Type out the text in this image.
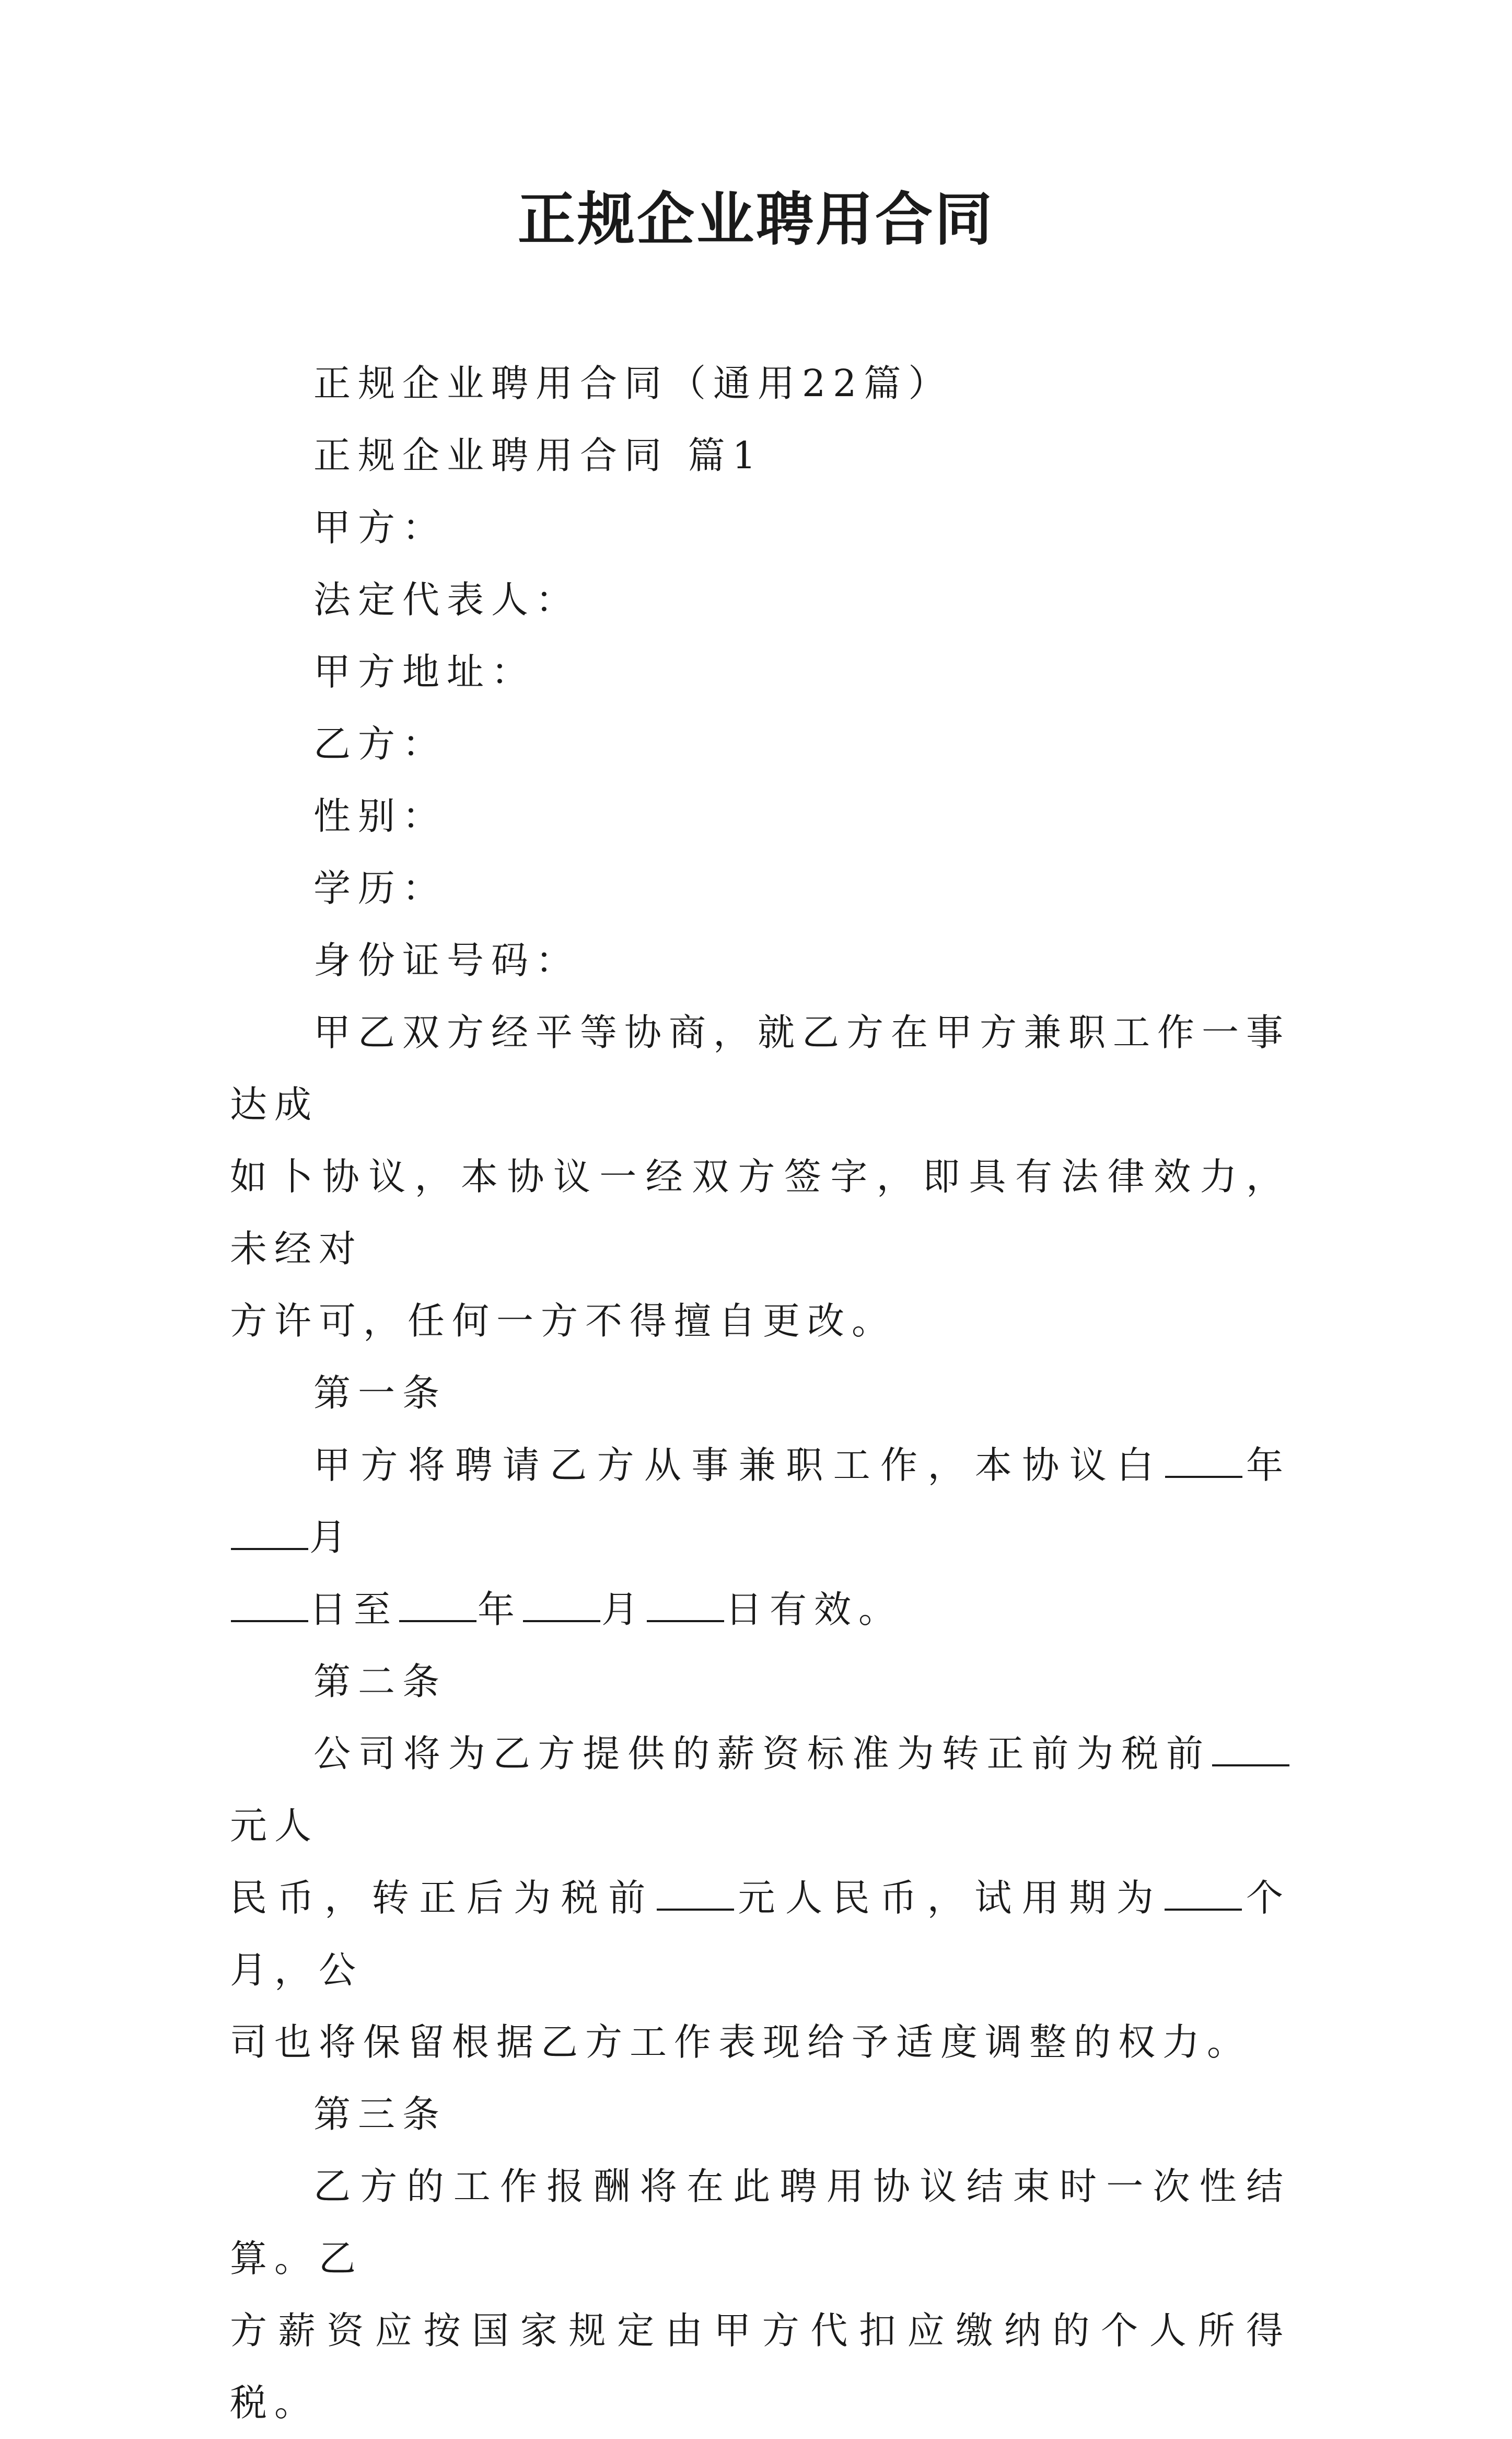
正规企业聘用合同

正规企业聘用合同（通用22篇）

正规企业聘用合同 篇1

甲方：

法定代表人：

甲方地址：

乙方：

性别：

学历：

身份证号码：

甲乙双方经平等协商，就乙方在甲方兼职工作一事达成

如卜协议，本协议一经双方签字，即具有法律效力，未经对

方许可，任何一方不得擅自更改。

第一条

甲方将聘请乙方从事兼职工作，本协议白 年月

日至 年 月 日有效。

第二条

公司将为乙方提供的薪资标准为转正前为税前元人

民币，转正后为税前 元人民币，试用期为 个月，公

司也将保留根据乙方工作表现给予适度调整的权力。

第三条

乙方的工作报酬将在此聘用协议结束时一次性结算。乙

方薪资应按国家规定由甲方代扣应缴纳的个人所得税。
